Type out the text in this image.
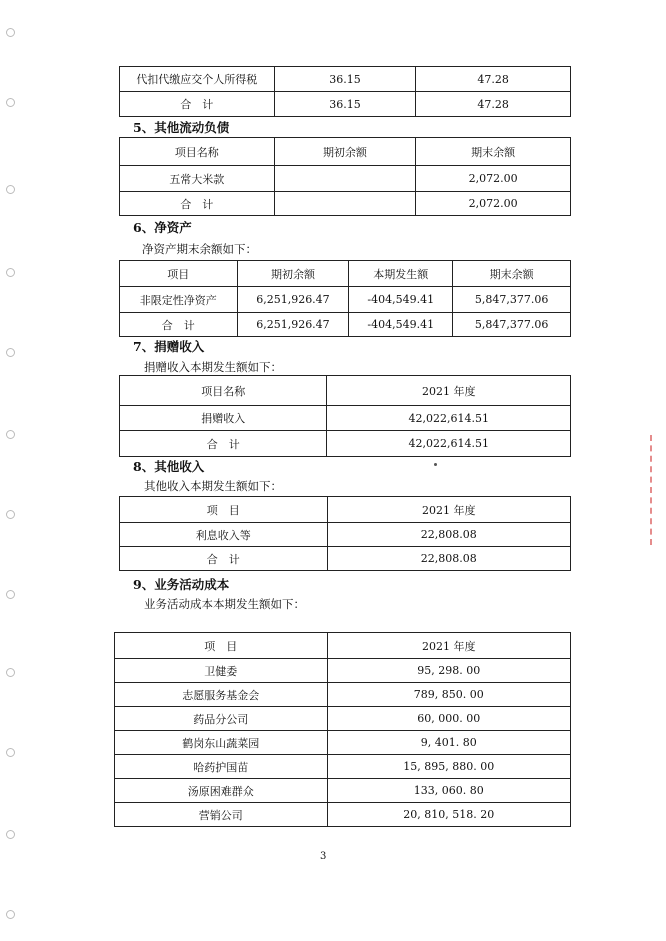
代扣代缴应交个人所得税	36.15	47.28
合　计	36.15	47.28
5、其他流动负债
项目名称	期初余额	期末余额
五常大米款		2,072.00
合　计		2,072.00
6、净资产
净资产期末余额如下：
项目	期初余额	本期发生额	期末余额
非限定性净资产	6,251,926.47	-404,549.41	5,847,377.06
合　计	6,251,926.47	-404,549.41	5,847,377.06
7、捐赠收入
捐赠收入本期发生额如下：
项目名称	2021 年度
捐赠收入	42,022,614.51
合　计	42,022,614.51
8、其他收入
其他收入本期发生额如下：
项　目	2021 年度
利息收入等	22,808.08
合　计	22,808.08
9、业务活动成本
业务活动成本本期发生额如下：
项　目	2021 年度
卫健委	95, 298. 00
志愿服务基金会	789, 850. 00
药品分公司	60, 000. 00
鹤岗东山蔬菜园	9, 401. 80
哈药护国苗	15, 895, 880. 00
汤原困难群众	133, 060. 80
营销公司	20, 810, 518. 20
3
